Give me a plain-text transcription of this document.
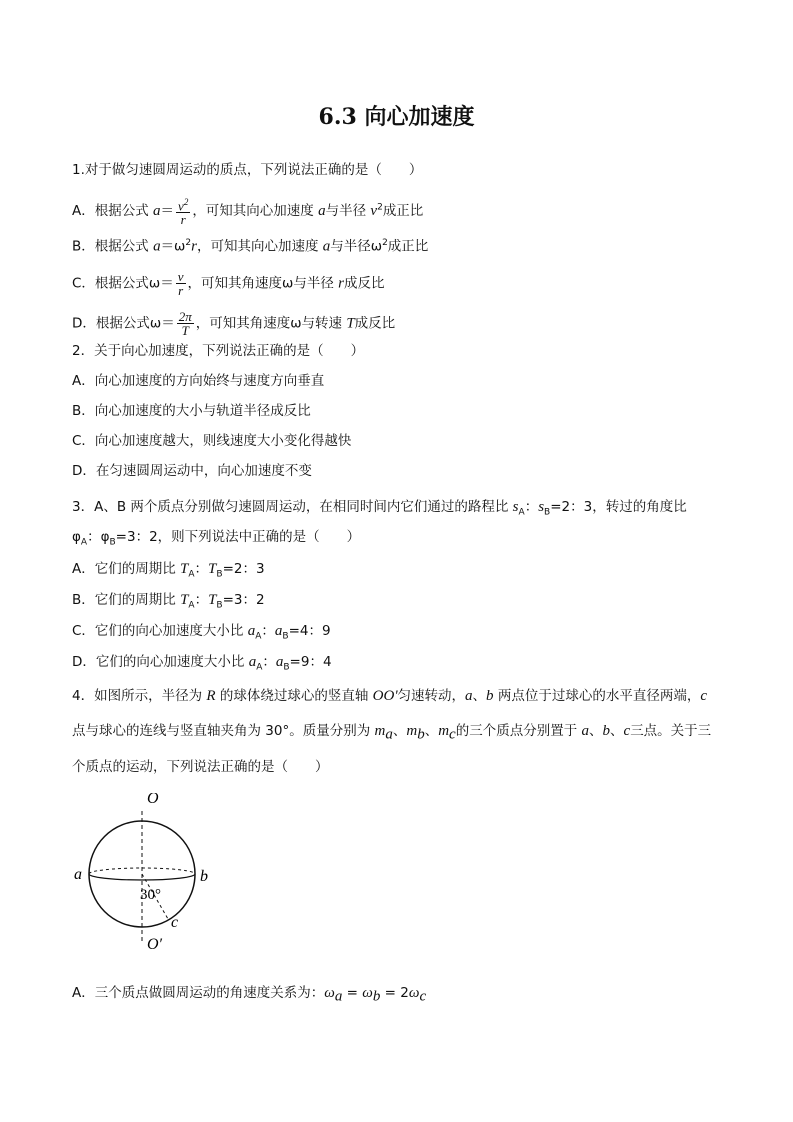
6.3 向心加速度
1.对于做匀速圆周运动的质点，下列说法正确的是（　　）
A．根据公式 $a= \frac{v^2}{r}$ ，可知其向心加速度 a与半径 $v^2$成正比
B．根据公式 $a=\omega^2r$，可知其向心加速度 a与半径$\omega^2$成正比
C．根据公式$\omega= \frac{v}{r}$ ，可知其角速度ω与半径 r成反比
D．根据公式$\omega= \frac{2\pi}{T}$ ，可知其角速度ω与转速 T成反比
2．关于向心加速度，下列说法正确的是（　　）
A．向心加速度的方向始终与速度方向垂直
B．向心加速度的大小与轨道半径成反比
C．向心加速度越大，则线速度大小变化得越快
D．在匀速圆周运动中，向心加速度不变
3．A、B 两个质点分别做匀速圆周运动，在相同时间内它们通过的路程比 $s_A$：$s_B=2$：3，转过的角度比
$\varphi_A$：$\varphi_B=3$：2，则下列说法中正确的是（　　）
A．它们的周期比 $T_A$：$T_B=2$：3
B．它们的周期比 $T_A$：$T_B=3$：2
C．它们的向心加速度大小比 $a_A$：$a_B=4$：9
D．它们的向心加速度大小比 $a_A$：$a_B=9$：4
4．如图所示，半径为 R 的球体绕过球心的竖直轴 OO'匀速转动，a、b 两点位于过球心的水平直径两端，c
点与球心的连线与竖直轴夹角为 30°。质量分别为 $m_a$、$m_b$、$m_c$的三个质点分别置于 a、b、c三点。关于三
个质点的运动，下列说法正确的是（　　）
O
O′
a	b
c
30°
A．三个质点做圆周运动的角速度关系为：$\omega_a = \omega_b = 2\omega_c$
